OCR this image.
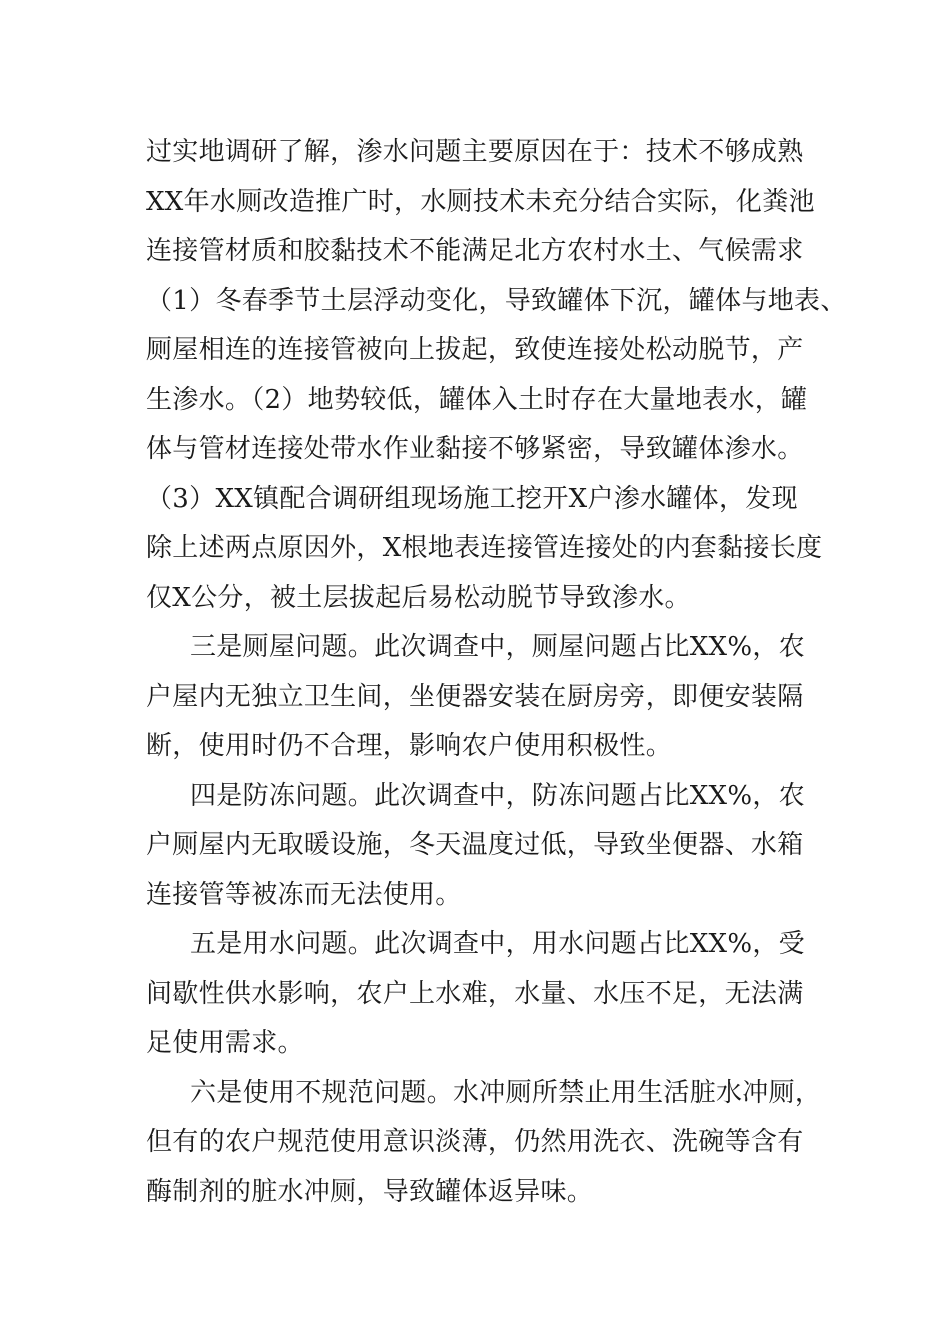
过实地调研了解，渗水问题主要原因在于：技术不够成熟
XX年水厕改造推广时，水厕技术未充分结合实际，化粪池
连接管材质和胶黏技术不能满足北方农村水土、气候需求
（1）冬春季节土层浮动变化，导致罐体下沉，罐体与地表、
厕屋相连的连接管被向上拔起，致使连接处松动脱节，产
生渗水。（2）地势较低，罐体入土时存在大量地表水，罐
体与管材连接处带水作业黏接不够紧密，导致罐体渗水。
（3）XX镇配合调研组现场施工挖开X户渗水罐体，发现
除上述两点原因外，X根地表连接管连接处的内套黏接长度
仅X公分，被土层拔起后易松动脱节导致渗水。

三是厕屋问题。此次调查中，厕屋问题占比XX%，农
户屋内无独立卫生间，坐便器安装在厨房旁，即便安装隔
断，使用时仍不合理，影响农户使用积极性。

四是防冻问题。此次调查中，防冻问题占比XX%，农
户厕屋内无取暖设施，冬天温度过低，导致坐便器、水箱
连接管等被冻而无法使用。

五是用水问题。此次调查中，用水问题占比XX%，受
间歇性供水影响，农户上水难，水量、水压不足，无法满
足使用需求。

六是使用不规范问题。水冲厕所禁止用生活脏水冲厕，
但有的农户规范使用意识淡薄，仍然用洗衣、洗碗等含有
酶制剂的脏水冲厕，导致罐体返异味。
